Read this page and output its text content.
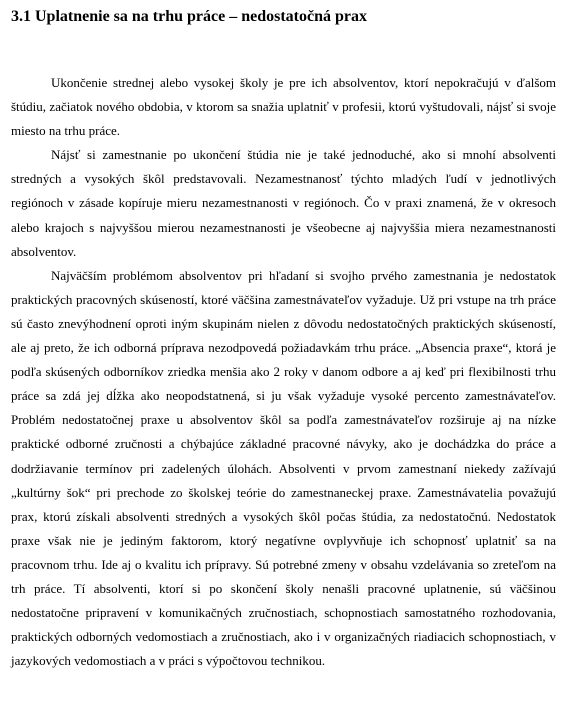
3.1 Uplatnenie sa na trhu práce – nedostatočná prax

Ukončenie strednej alebo vysokej školy je pre ich absolventov, ktorí nepokračujú v ďalšom štúdiu, začiatok nového obdobia, v ktorom sa snažia uplatniť v profesii, ktorú vyštudovali, nájsť si svoje miesto na trhu práce.

Nájsť si zamestnanie po ukončení štúdia nie je také jednoduché, ako si mnohí absolventi stredných a vysokých škôl predstavovali. Nezamestnanosť týchto mladých ľudí v jednotlivých regiónoch v zásade kopíruje mieru nezamestnanosti v regiónoch. Čo v praxi znamená, že v okresoch alebo krajoch s najvyššou mierou nezamestnanosti je všeobecne aj najvyššia miera nezamestnanosti absolventov.

Najväčším problémom absolventov pri hľadaní si svojho prvého zamestnania je nedostatok praktických pracovných skúseností, ktoré väčšina zamestnávateľov vyžaduje. Už pri vstupe na trh práce sú často znevýhodnení oproti iným skupinám nielen z dôvodu nedostatočných praktických skúseností, ale aj preto, že ich odborná príprava nezodpovedá požiadavkám trhu práce. „Absencia praxe“, ktorá je podľa skúsených odborníkov zriedka menšia ako 2 roky v danom odbore a aj keď pri flexibilnosti trhu práce sa zdá jej dĺžka ako neopodstatnená, si ju však vyžaduje vysoké percento zamestnávateľov. Problém nedostatočnej praxe u absolventov škôl sa podľa zamestnávateľov rozširuje aj na nízke praktické odborné zručnosti a chýbajúce základné pracovné návyky, ako je dochádzka do práce a dodržiavanie termínov pri zadelených úlohách. Absolventi v prvom zamestnaní niekedy zažívajú „kultúrny šok“ pri prechode zo školskej teórie do zamestnaneckej praxe. Zamestnávatelia považujú prax, ktorú získali absolventi stredných a vysokých škôl počas štúdia, za nedostatočnú. Nedostatok praxe však nie je jediným faktorom, ktorý negatívne ovplyvňuje ich schopnosť uplatniť sa na pracovnom trhu. Ide aj o kvalitu ich prípravy. Sú potrebné zmeny v obsahu vzdelávania so zreteľom na trh práce. Tí absolventi, ktorí si po skončení školy nenašli pracovné uplatnenie, sú väčšinou nedostatočne pripravení v komunikačných zručnostiach, schopnostiach samostatného rozhodovania, praktických odborných vedomostiach a zručnostiach, ako i v organizačných riadiacich schopnostiach, v jazykových vedomostiach a v práci s výpočtovou technikou.
